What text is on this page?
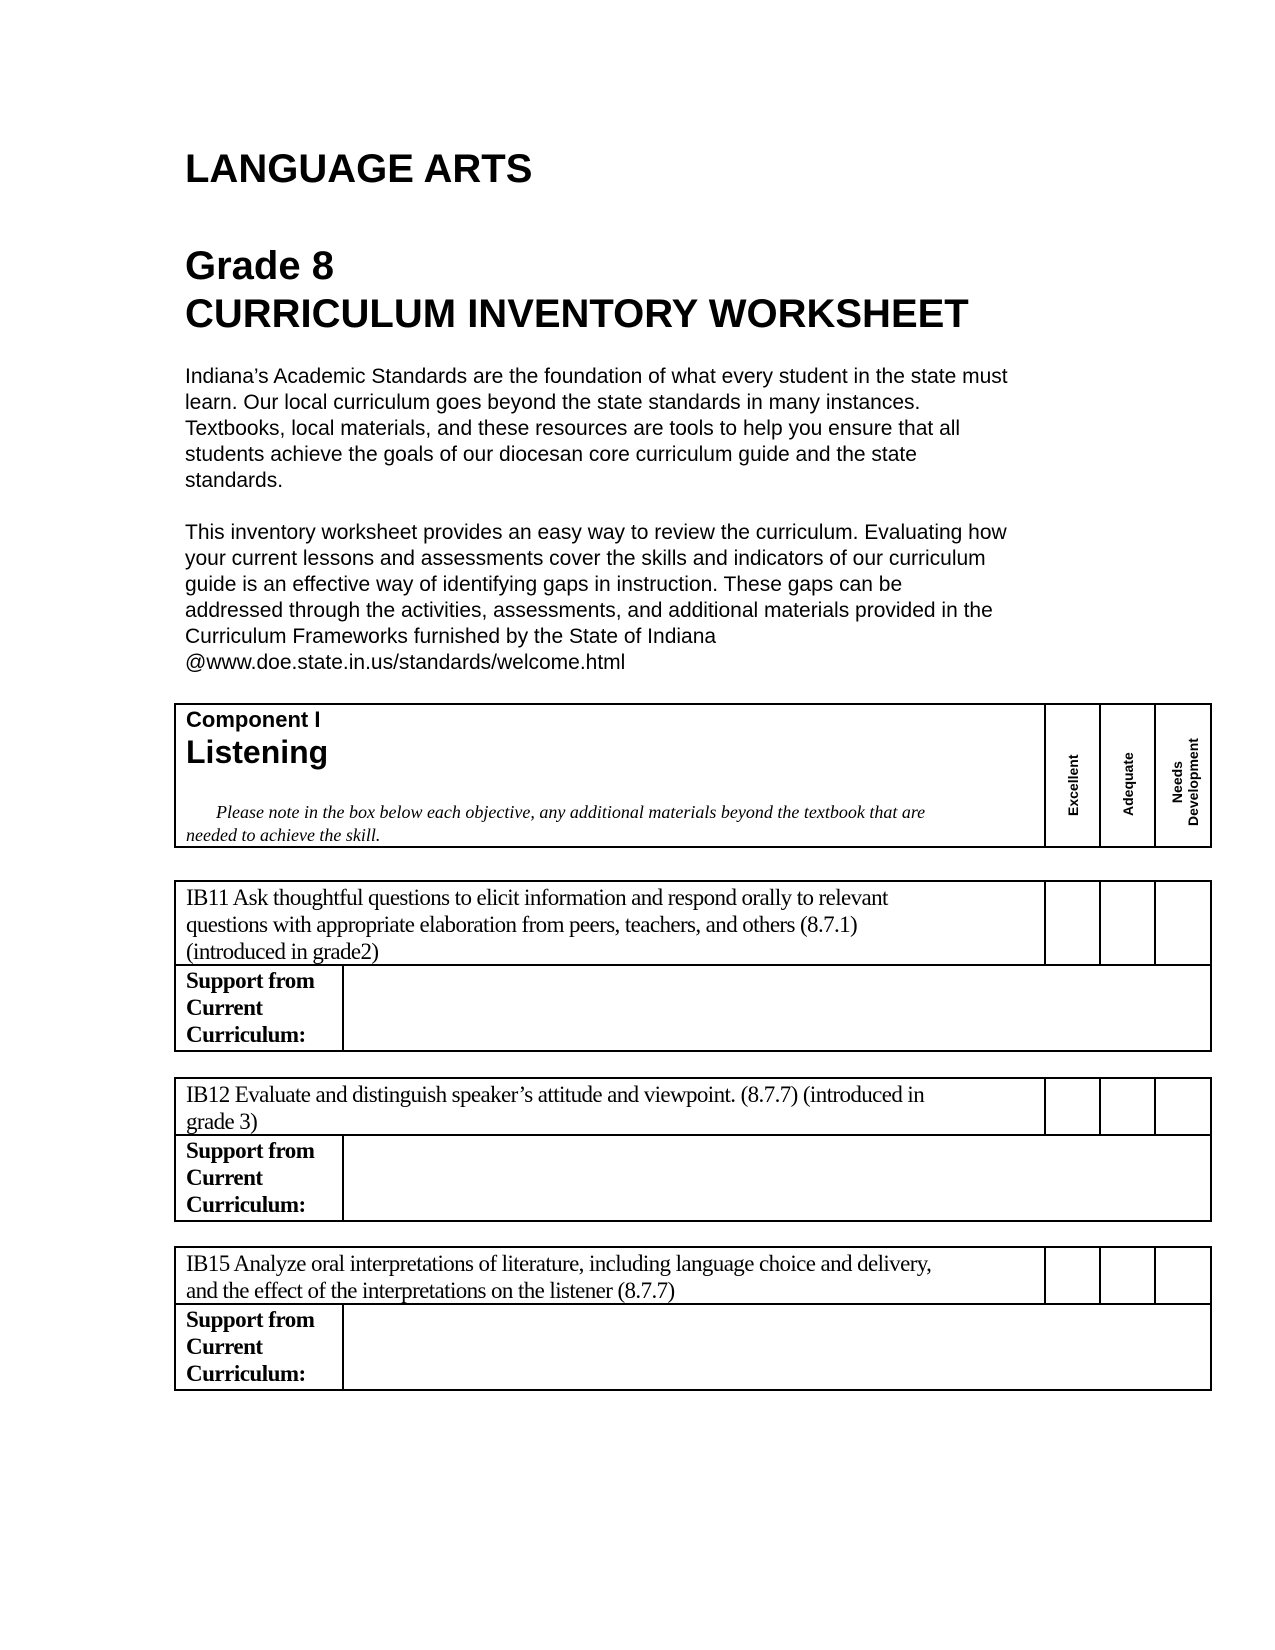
LANGUAGE ARTS
Grade 8
CURRICULUM INVENTORY WORKSHEET
Indiana’s Academic Standards are the foundation of what every student in the state must
learn. Our local curriculum goes beyond the state standards in many instances.
Textbooks, local materials, and these resources are tools to help you ensure that all
students achieve the goals of our diocesan core curriculum guide and the state
standards.
This inventory worksheet provides an easy way to review the curriculum. Evaluating how
your current lessons and assessments cover the skills and indicators of our curriculum
guide is an effective way of identifying gaps in instruction. These gaps can be
addressed through the activities, assessments, and additional materials provided in the
Curriculum Frameworks furnished by the State of Indiana
@www.doe.state.in.us/standards/welcome.html
Component I
Listening
Please note in the box below each objective, any additional materials beyond the textbook that are
needed to achieve the skill.
Excellent	Adequate Needs Development
IB11 Ask thoughtful questions to elicit information and respond orally to relevant
questions with appropriate elaboration from peers, teachers, and others (8.7.1)
(introduced in grade2)
Support from
Current
Curriculum:
IB12 Evaluate and distinguish speaker’s attitude and viewpoint. (8.7.7) (introduced in
grade 3)
Support from
Current
Curriculum:
IB15 Analyze oral interpretations of literature, including language choice and delivery,
and the effect of the interpretations on the listener (8.7.7)
Support from
Current
Curriculum:
